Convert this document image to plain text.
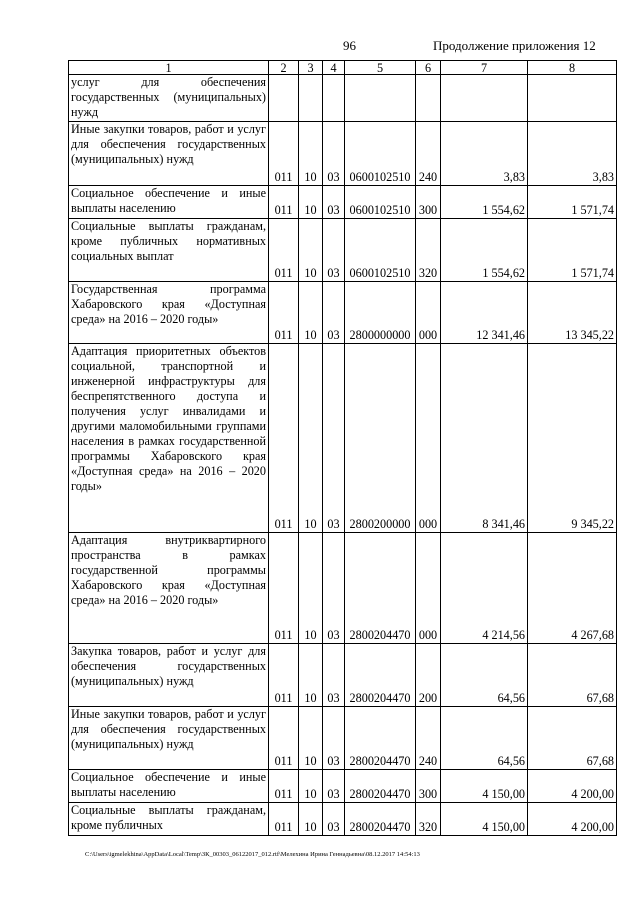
96	Продолжение приложения 12
1	2	3	4	5	6	7	8
услуг для обеспечения государственных (муниципальных) нужд							
Иные закупки товаров, работ и услуг для обеспечения государственных (муниципальных) нужд	011	10	03	0600102510	240	3,83	3,83
Социальное обеспечение и иные выплаты населению	011	10	03	0600102510	300	1 554,62	1 571,74
Социальные выплаты гражданам, кроме публичных нормативных социальных выплат	011	10	03	0600102510	320	1 554,62	1 571,74
Государственная программа Хабаровского края «Доступная среда» на 2016 – 2020 годы»	011	10	03	2800000000	000	12 341,46	13 345,22
Адаптация приоритетных объектов социальной, транспортной и инженерной инфраструктуры для беспрепятственного доступа и получения услуг инвалидами и другими маломобильными группами населения в рамках государственной программы Хабаровского края «Доступная среда» на 2016 – 2020 годы»	011	10	03	2800200000	000	8 341,46	9 345,22
Адаптация внутриквартирного пространства в рамках государственной программы Хабаровского края «Доступная среда» на 2016 – 2020 годы»	011	10	03	2800204470	000	4 214,56	4 267,68
Закупка товаров, работ и услуг для обеспечения государственных (муниципальных) нужд	011	10	03	2800204470	200	64,56	67,68
Иные закупки товаров, работ и услуг для обеспечения государственных (муниципальных) нужд	011	10	03	2800204470	240	64,56	67,68
Социальное обеспечение и иные выплаты населению	011	10	03	2800204470	300	4 150,00	4 200,00
Социальные выплаты гражданам, кроме публичных	011	10	03	2800204470	320	4 150,00	4 200,00
C:\Users\igmelekhina\AppData\Local\Temp\ЗК_00303_06122017_012.rtf\Мелехина Ирина Геннадьевна\08.12.2017 14:54:13
